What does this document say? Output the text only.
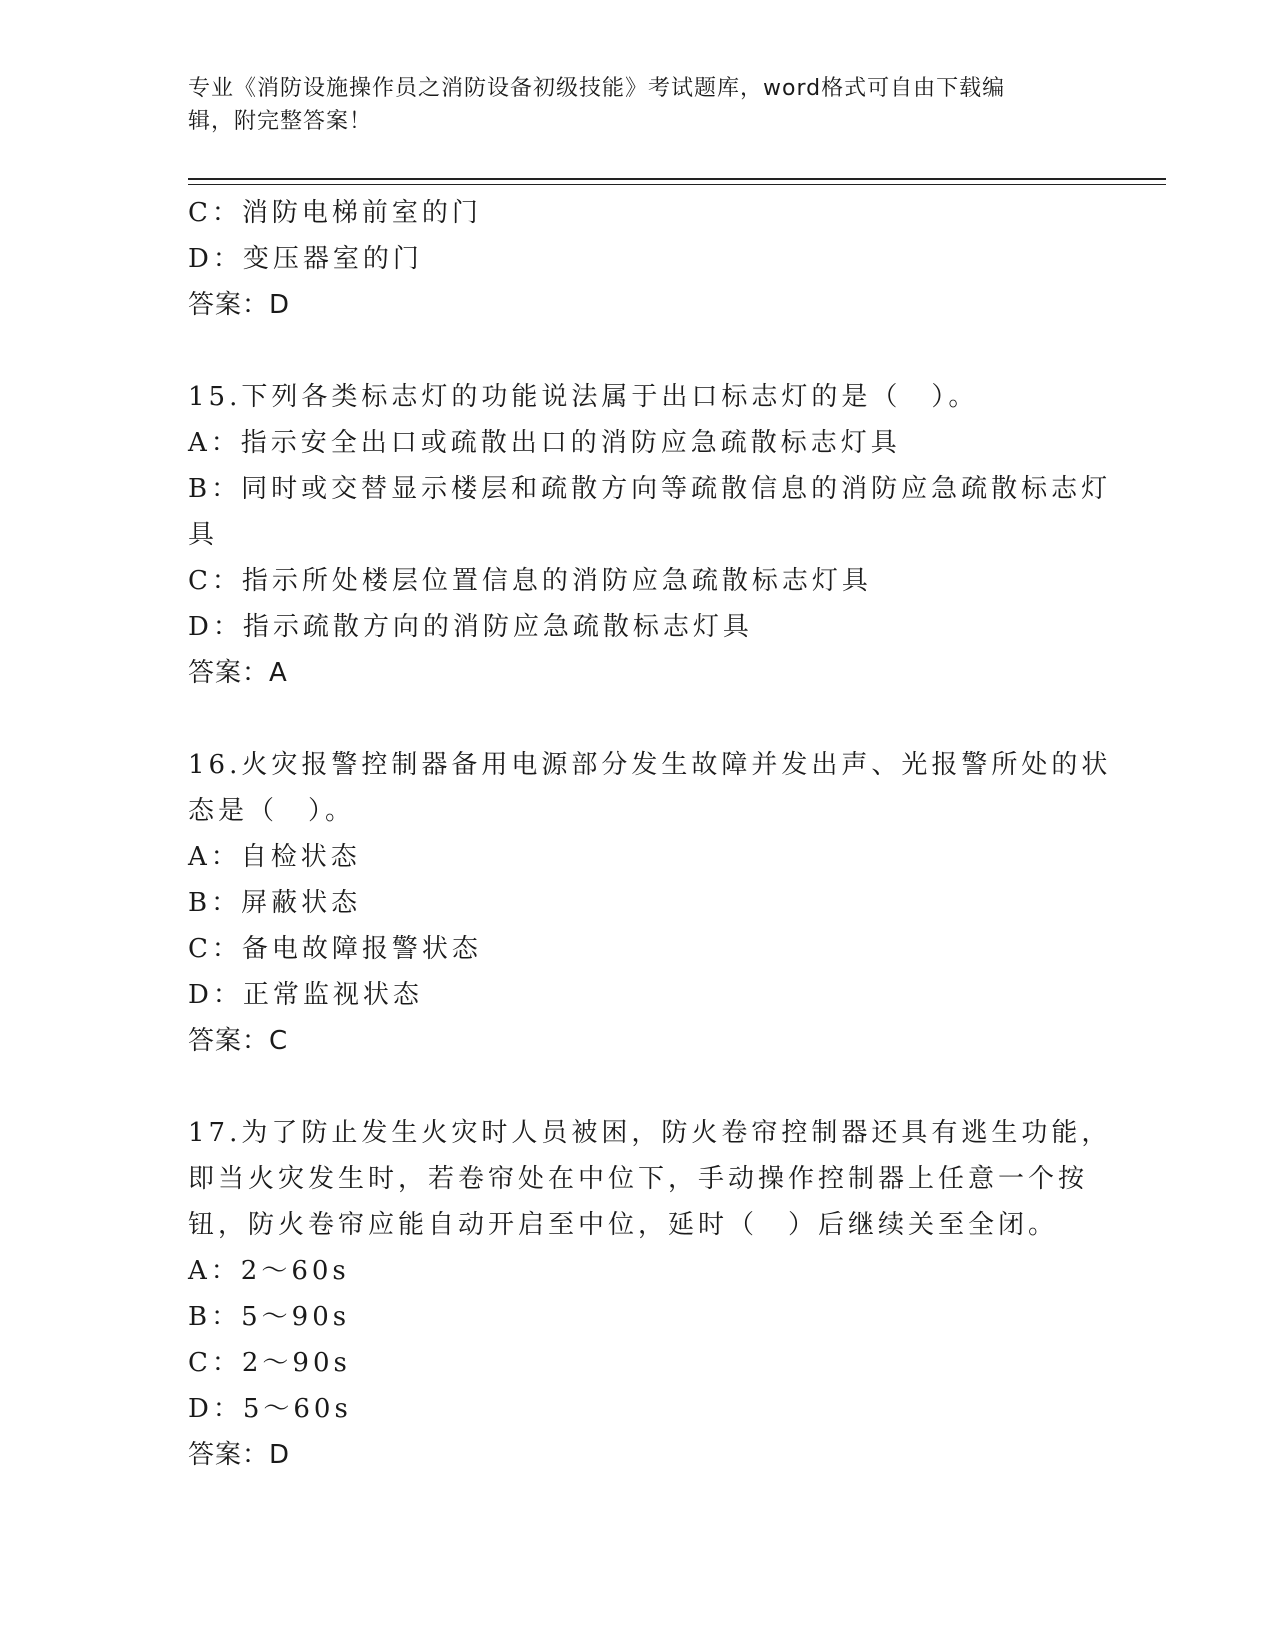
专业《消防设施操作员之消防设备初级技能》考试题库，word格式可自由下载编
辑，附完整答案！
C：消防电梯前室的门
D：变压器室的门
答案：D
15.下列各类标志灯的功能说法属于出口标志灯的是（　）。
A：指示安全出口或疏散出口的消防应急疏散标志灯具
B：同时或交替显示楼层和疏散方向等疏散信息的消防应急疏散标志灯
具
C：指示所处楼层位置信息的消防应急疏散标志灯具
D：指示疏散方向的消防应急疏散标志灯具
答案：A
16.火灾报警控制器备用电源部分发生故障并发出声、光报警所处的状
态是（　）。
A：自检状态
B：屏蔽状态
C：备电故障报警状态
D：正常监视状态
答案：C
17.为了防止发生火灾时人员被困，防火卷帘控制器还具有逃生功能，
即当火灾发生时，若卷帘处在中位下，手动操作控制器上任意一个按
钮，防火卷帘应能自动开启至中位，延时（　）后继续关至全闭。
A：2～60s
B：5～90s
C：2～90s
D：5～60s
答案：D
